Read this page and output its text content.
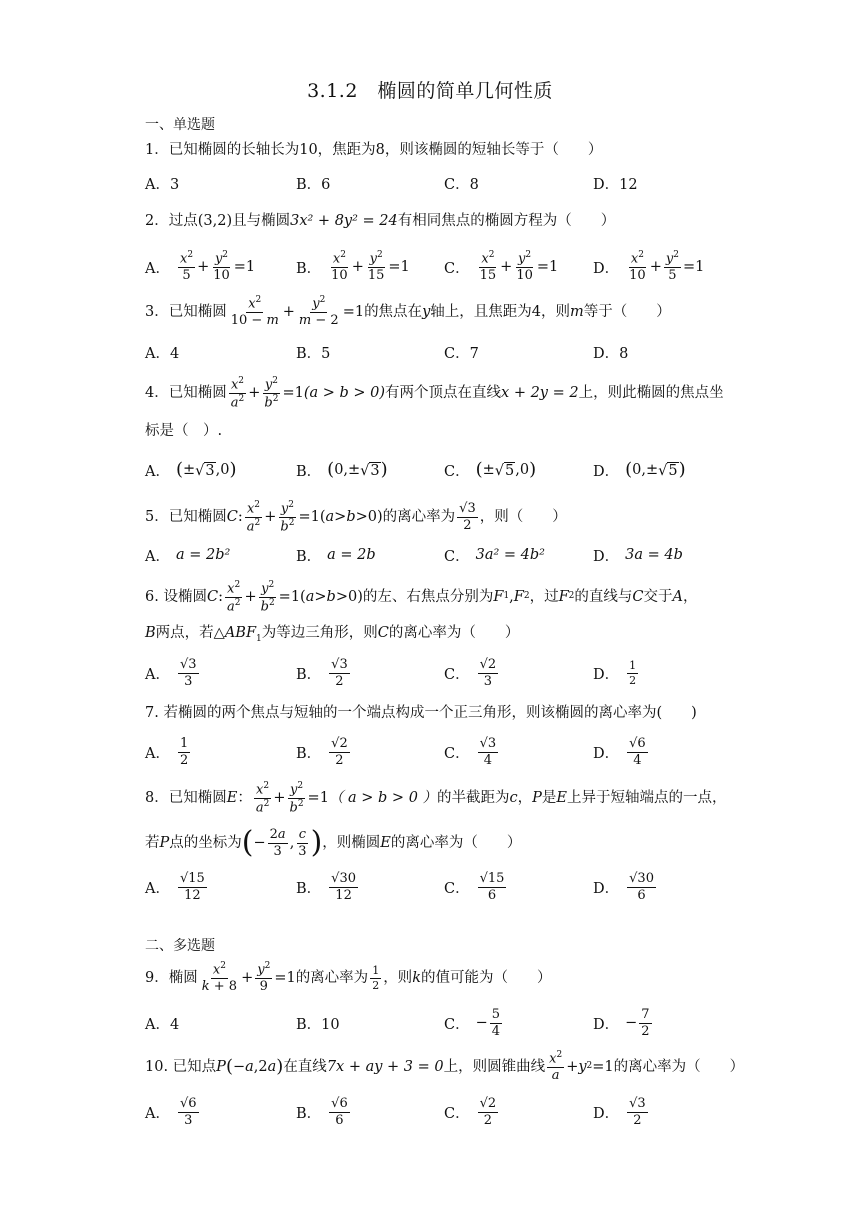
3.1.2　椭圆的简单几何性质
一、单选题
1．已知椭圆的长轴长为10，焦距为8，则该椭圆的短轴长等于（　　）
A．3	B．6	C．8	D．12
2．过点(3,2)且与椭圆3x² + 8y² = 24有相同焦点的椭圆方程为（　　）
A． $\frac{x^2}{5} + \frac{y^2}{10} =1$	B． $\frac{x^2}{10} + \frac{y^2}{15} =1$ C． $\frac{x^2}{15} + \frac{y^2}{10} =1$ D． $\frac{x^2}{10} + \frac{y^2}{5} =1$
3．已知椭圆 $\frac{x^2}{10 - m} + \frac{y^2}{m - 2} =1$ 的焦点在 y 轴上，且焦距为4，则 m 等于（　　）
A．4	B．5	C．7	D．8
4．已知椭圆 $\frac{x^2}{a^2} + \frac{y^2}{b^2} =1$ (a > b > 0) 有两个顶点在直线 x + 2y = 2 上，则此椭圆的焦点坐
标是（　）.
A． ( ± √ 3 ,0 )	B． ( 0,± √ 3 )	C． ( ± √ 5 ,0 )	D． ( 0,± √ 5 )
5．已知椭圆 C : $\frac{x^2}{a^2} + \frac{y^2}{b^2} =1$( a > b >0) 的离心率为 $\frac{√3}{2}$ ，则（　　）
A． a = 2b²	B． a = 2b	C． 3a² = 4b²	D． 3a = 4b
6. 设椭圆 C : $\frac{x^2}{a^2} + \frac{y^2}{b^2} =1$( a > b >0) 的左、右焦点分别为 F 1 , F 2 ，过 F 2 的直线与 C 交于 A ，
B两点，若$\triangle ABF_1$为等边三角形，则C的离心率为（　　）
A． $\frac{√3}{3}$	B． $\frac{√3}{2}$	C． $\frac{√2}{3}$	D． $\frac{1}{2}$
7. 若椭圆的两个焦点与短轴的一个端点构成一个正三角形，则该椭圆的离心率为(　　)
A． $\frac{1}{2}$	B． $\frac{√2}{2}$	C． $\frac{√3}{4}$	D． $\frac{√6}{4}$
8．已知椭圆 E ： $\frac{x^2}{a^2} + \frac{y^2}{b^2} =1$ （ a > b > 0 ） 的半截距为 c ， P 是 E 上异于短轴端点的一点，
若 P 点的坐标为 ( − $\frac{2a}{3}$ , $\frac{c}{3}$ ) ，则椭圆 E 的离心率为（　　）
A． $\frac{√15}{12}$	B． $\frac{√30}{12}$	C． $\frac{√15}{6}$	D． $\frac{√30}{6}$
二、多选题
9．椭圆 $\frac{x^2}{k + 8} + \frac{y^2}{9} =1$ 的离心率为 $\frac{1}{2}$ ，则 k 的值可能为（　　）
A．4	B．10	C． − $\frac{5}{4}$	D． − $\frac{7}{2}$
10. 已知点 P ( − a ,2 a ) 在直线 7x + ay + 3 = 0 上，则圆锥曲线 $\frac{x^2}{a} + y$ 2 =1 的离心率为（　　）
A． $\frac{√6}{3}$	B． $\frac{√6}{6}$	C． $\frac{√2}{2}$	D． $\frac{√3}{2}$
